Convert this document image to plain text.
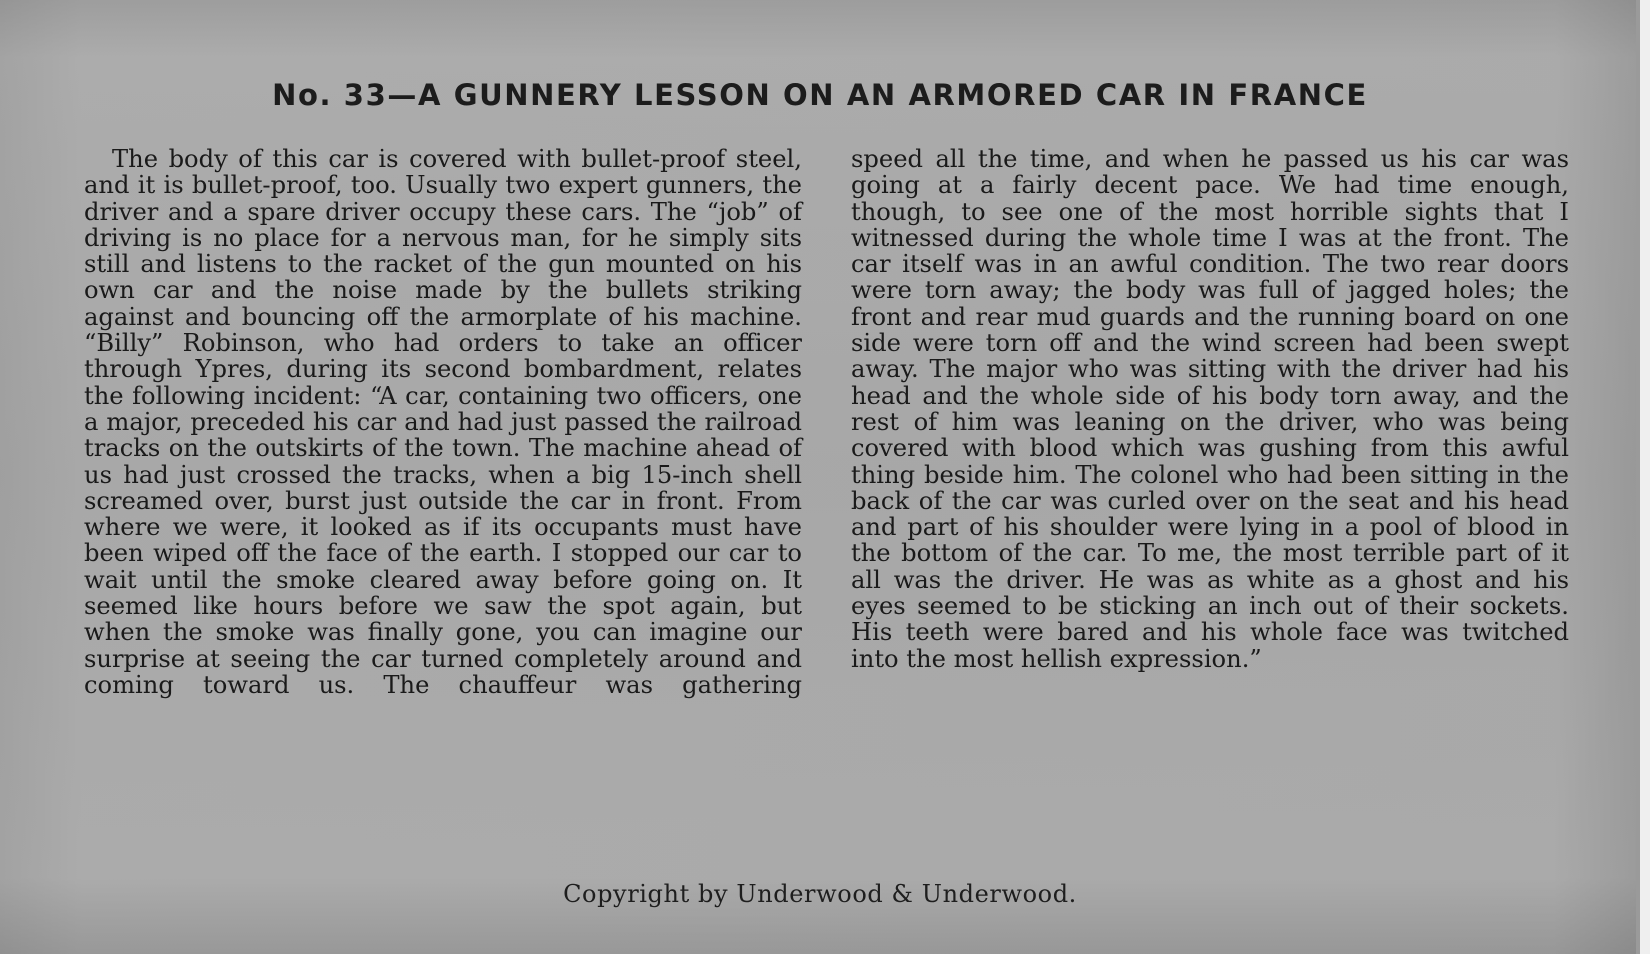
No. 33—A GUNNERY LESSON ON AN ARMORED CAR IN FRANCE

The body of this car is covered with bullet-proof steel, and it is bullet-proof, too. Usually two expert gunners, the driver and a spare driver occupy these cars. The “job” of driving is no place for a nervous man, for he simply sits still and listens to the racket of the gun mounted on his own car and the noise made by the bullets striking against and bouncing off the armorplate of his machine. “Billy” Robinson, who had orders to take an officer through Ypres, during its second bombardment, relates the following incident: “A car, containing two officers, one a major, preceded his car and had just passed the railroad tracks on the outskirts of the town. The machine ahead of us had just crossed the tracks, when a big 15-inch shell screamed over, burst just outside the car in front. From where we were, it looked as if its occupants must have been wiped off the face of the earth. I stopped our car to wait until the smoke cleared away before going on. It seemed like hours before we saw the spot again, but when the smoke was finally gone, you can imagine our surprise at seeing the car turned completely around and coming toward us. The chauffeur was gathering

speed all the time, and when he passed us his car was going at a fairly decent pace. We had time enough, though, to see one of the most horrible sights that I witnessed during the whole time I was at the front. The car itself was in an awful condition. The two rear doors were torn away; the body was full of jagged holes; the front and rear mud guards and the running board on one side were torn off and the wind screen had been swept away. The major who was sitting with the driver had his head and the whole side of his body torn away, and the rest of him was leaning on the driver, who was being covered with blood which was gushing from this awful thing beside him. The colonel who had been sitting in the back of the car was curled over on the seat and his head and part of his shoulder were lying in a pool of blood in the bottom of the car. To me, the most terrible part of it all was the driver. He was as white as a ghost and his eyes seemed to be sticking an inch out of their sockets. His teeth were bared and his whole face was twitched into the most hellish expression.”

Copyright by Underwood & Underwood.
